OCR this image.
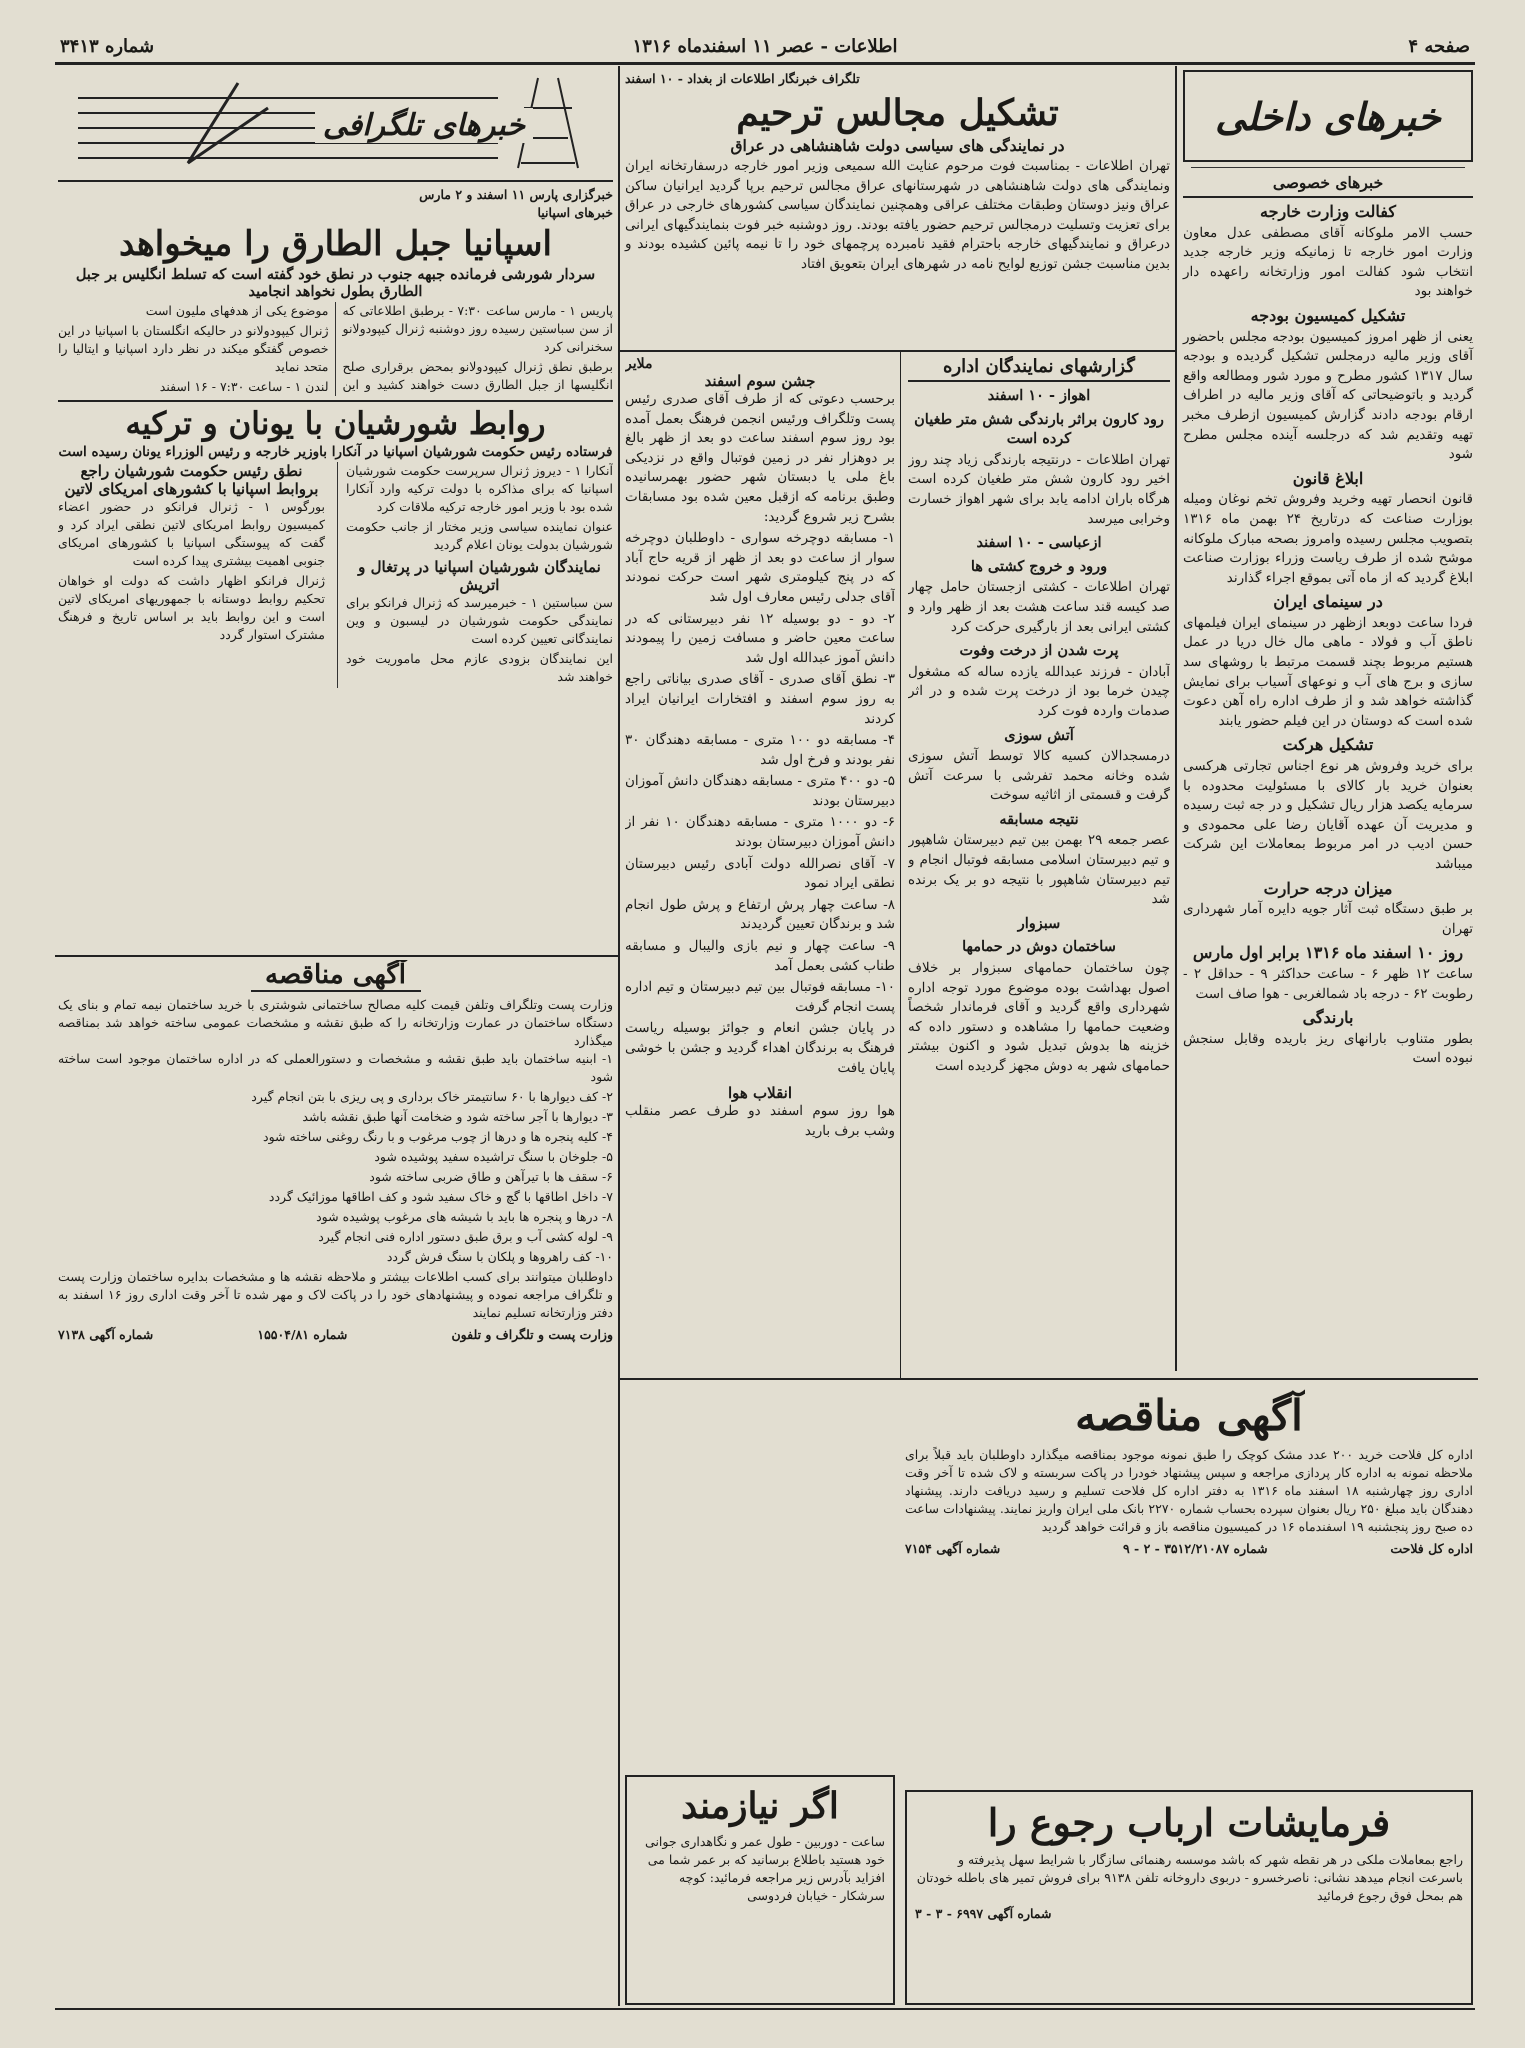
صفحه ۴
اطلاعات - عصر ۱۱ اسفندماه ۱۳۱۶
شماره ۳۴۱۳
خبرهای داخلی
خبرهای خصوصی
کفالت وزارت خارجه

حسب الامر ملوکانه آقای مصطفی عدل معاون وزارت امور خارجه تا زمانیکه وزیر خارجه جدید انتخاب شود کفالت امور وزارتخانه راعهده دار خواهند بود

تشکیل کمیسیون بودجه

یعنی از ظهر امروز کمیسیون بودجه مجلس باحضور آقای وزیر مالیه درمجلس تشکیل گردیده و بودجه سال ۱۳۱۷ کشور مطرح و مورد شور ومطالعه واقع گردید و باتوضیحاتی که آقای وزیر مالیه در اطراف ارقام بودجه دادند گزارش کمیسیون ازطرف مخبر تهیه وتقدیم شد که درجلسه آینده مجلس مطرح شود

ابلاغ قانون

قانون انحصار تهیه وخرید وفروش تخم نوغان ومیله بوزارت صناعت که درتاریخ ۲۴ بهمن ماه ۱۳۱۶ بتصویب مجلس رسیده وامروز بصحه مبارک ملوکانه موشح شده از طرف ریاست وزراء بوزارت صناعت ابلاغ گردید که از ماه آتی بموقع اجراء گذارند

در سینمای ایران

فردا ساعت دوبعد ازظهر در سینمای ایران فیلمهای ناطق آب و فولاد - ماهی مال خال دریا در عمل هستیم مربوط بچند قسمت مرتبط با روشهای سد سازی و برج های آب و نوعهای آسیاب برای نمایش گذاشته خواهد شد و از طرف اداره راه آهن دعوت شده است که دوستان در این فیلم حضور یابند

تشکیل هرکت

برای خرید وفروش هر نوع اجناس تجارتی هرکسی بعنوان خرید بار کالای با مسئولیت محدوده با سرمایه یکصد هزار ریال تشکیل و در جه ثبت رسیده و مدیریت آن عهده آقایان رضا علی محمودی و حسن ادیب در امر مربوط بمعاملات این شرکت میباشد

میزان درجه حرارت

بر طبق دستگاه ثبت آثار جویه دایره آمار شهرداری تهران

روز ۱۰ اسفند ماه ۱۳۱۶ برابر اول مارس

ساعت ۱۲ ظهر ۶ - ساعت حداکثر ۹ - حداقل ۲ - رطوبت ۶۲ - درجه باد شمالغربی - هوا صاف است

بارندگی

بطور متناوب بارانهای ریز باریده وقابل سنجش نبوده است

تلگراف خبرنگار اطلاعات از بغداد - ۱۰ اسفند
تشکیل مجالس ترحیم
در نمایندگی های سیاسی دولت شاهنشاهی در عراق

تهران اطلاعات - بمناسبت فوت مرحوم عنایت الله سمیعی وزیر امور خارجه درسفارتخانه ایران ونمایندگی های دولت شاهنشاهی در شهرستانهای عراق مجالس ترحیم برپا گردید ایرانیان ساکن عراق ونیز دوستان وطبقات مختلف عراقی وهمچنین نمایندگان سیاسی کشورهای خارجی در عراق برای تعزیت وتسلیت درمجالس ترحیم حضور یافته بودند. روز دوشنبه خبر فوت بنمایندگیهای ایرانی درعراق و نمایندگیهای خارجه باحترام فقید نامبرده پرچمهای خود را تا نیمه پائین کشیده بودند و بدین مناسبت جشن توزیع لوایح نامه در شهرهای ایران بتعویق افتاد

گزارشهای نمایندگان اداره
اهواز - ۱۰ اسفند
رود کارون براثر بارندگی شش متر طغیان کرده است

تهران اطلاعات - درنتیجه بارندگی زیاد چند روز اخیر رود کارون شش متر طغیان کرده است هرگاه باران ادامه یابد برای شهر اهواز خسارت وخرابی میرسد

ازعباسی - ۱۰ اسفند
ورود و خروج کشتی ها

تهران اطلاعات - کشتی ازجستان حامل چهار صد کیسه قند ساعت هشت بعد از ظهر وارد و کشتی ایرانی بعد از بارگیری حرکت کرد

پرت شدن از درخت وفوت

آبادان - فرزند عبدالله یازده ساله که مشغول چیدن خرما بود از درخت پرت شده و در اثر صدمات واردہ فوت کرد

آتش سوزی

درمسجدالان کسیه کالا توسط آتش سوزی شده وخانه محمد تفرشی با سرعت آتش گرفت و قسمتی از اثاثیه سوخت

نتیجه مسابقه

عصر جمعه ۲۹ بهمن بین تیم دبیرستان شاهپور و تیم دبیرستان اسلامی مسابقه فوتبال انجام و تیم دبیرستان شاهپور با نتیجه دو بر یک برنده شد

سبزوار
ساختمان دوش در حمامها

چون ساختمان حمامهای سبزوار بر خلاف اصول بهداشت بوده موضوع مورد توجه اداره شهرداری واقع گردید و آقای فرماندار شخصاً وضعیت حمامها را مشاهده و دستور داده که خزینه ها بدوش تبدیل شود و اکنون بیشتر حمامهای شهر به دوش مجهز گردیده است

ملایر
جشن سوم اسفند

برحسب دعوتی که از طرف آقای صدری رئیس پست وتلگراف ورئیس انجمن فرهنگ بعمل آمده بود روز سوم اسفند ساعت دو بعد از ظهر بالغ بر دوهزار نفر در زمین فوتبال واقع در نزدیکی باغ ملی یا دبستان شهر حضور بهمرسانیده وطبق برنامه که ازقبل معین شده بود مسابقات بشرح زیر شروع گردید:

۱- مسابقه دوچرخه سواری - داوطلبان دوچرخه سوار از ساعت دو بعد از ظهر از قریه حاج آباد که در پنج کیلومتری شهر است حرکت نمودند آقای جدلی رئیس معارف اول شد

۲- دو - دو بوسیله ۱۲ نفر دبیرستانی که در ساعت معین حاضر و مسافت زمین را پیمودند دانش آموز عبدالله اول شد

۳- نطق آقای صدری - آقای صدری بیاناتی راجع به روز سوم اسفند و افتخارات ایرانیان ایراد کردند

۴- مسابقه دو ۱۰۰ متری - مسابقه دهندگان ۳۰ نفر بودند و فرخ اول شد

۵- دو ۴۰۰ متری - مسابقه دهندگان دانش آموزان دبیرستان بودند

۶- دو ۱۰۰۰ متری - مسابقه دهندگان ۱۰ نفر از دانش آموزان دبیرستان بودند

۷- آقای نصرالله دولت آبادی رئیس دبیرستان نطقی ایراد نمود

۸- ساعت چهار پرش ارتفاع و پرش طول انجام شد و برندگان تعیین گردیدند

۹- ساعت چهار و نیم بازی والیبال و مسابقه طناب کشی بعمل آمد

۱۰- مسابقه فوتبال بین تیم دبیرستان و تیم اداره پست انجام گرفت

در پایان جشن انعام و جوائز بوسیله ریاست فرهنگ به برندگان اهداء گردید و جشن با خوشی پایان یافت

انقلاب هوا

هوا روز سوم اسفند دو طرف عصر منقلب وشب برف بارید

خبرهای تلگرافی
خبرگزاری پارس ۱۱ اسفند و ۲ مارس
خبرهای اسپانیا
اسپانیا جبل الطارق را میخواهد
سردار شورشی فرمانده جبهه جنوب در نطق خود گفته است که تسلط انگلیس بر جبل الطارق بطول نخواهد انجامید

پاریس ۱ - مارس ساعت ۷:۳۰ - برطبق اطلاعاتی که از سن سباستین رسیده روز دوشنبه ژنرال کیپودولانو سخنرانی کرد

برطبق نطق ژنرال کیپودولانو بمحض برقراری صلح انگلیسها از جبل الطارق دست خواهند کشید و این موضوع یکی از هدفهای ملیون است

ژنرال کیپودولانو در حالیکه انگلستان با اسپانیا در این خصوص گفتگو میکند در نظر دارد اسپانیا و ایتالیا را متحد نماید

لندن ۱ - ساعت ۷:۳۰ - ۱۶ اسفند

روابط شورشیان با یونان و ترکیه
فرستاده رئیس حکومت شورشیان اسپانیا در آنکارا باوزیر خارجه و رئیس الوزراء یونان رسیده است

آنکارا ۱ - دیروز ژنرال سرپرست حکومت شورشیان اسپانیا که برای مذاکره با دولت ترکیه وارد آنکارا شده بود با وزیر امور خارجه ترکیه ملاقات کرد

عنوان نماینده سیاسی وزیر مختار از جانب حکومت شورشیان بدولت یونان اعلام گردید

نمایندگان شورشیان اسپانیا در پرتغال و اتریش

سن سباستین ۱ - خبرمیرسد که ژنرال فرانکو برای نمایندگی حکومت شورشیان در لیسبون و وین نمایندگانی تعیین کرده است

این نمایندگان بزودی عازم محل ماموریت خود خواهند شد

نطق رئیس حکومت شورشیان راجع بروابط اسپانیا با کشورهای امریکای لاتین

بورگوس ۱ - ژنرال فرانکو در حضور اعضاء کمیسیون روابط امریکای لاتین نطقی ایراد کرد و گفت که پیوستگی اسپانیا با کشورهای امریکای جنوبی اهمیت بیشتری پیدا کرده است

ژنرال فرانکو اظهار داشت که دولت او خواهان تحکیم روابط دوستانه با جمهوریهای امریکای لاتین است و این روابط باید بر اساس تاریخ و فرهنگ مشترک استوار گردد

آگهی مناقصه

وزارت پست وتلگراف وتلفن قیمت کلیه مصالح ساختمانی شوشتری با خرید ساختمان نیمه تمام و بنای یک دستگاه ساختمان در عمارت وزارتخانه را که طبق نقشه و مشخصات عمومی ساخته خواهد شد بمناقصه میگذارد

۱- ابنیه ساختمان باید طبق نقشه و مشخصات و دستورالعملی که در اداره ساختمان موجود است ساخته شود

۲- کف دیوارها با ۶۰ سانتیمتر خاک برداری و پی ریزی با بتن انجام گیرد

۳- دیوارها با آجر ساخته شود و ضخامت آنها طبق نقشه باشد

۴- کلیه پنجره ها و درها از چوب مرغوب و با رنگ روغنی ساخته شود

۵- جلوخان با سنگ تراشیده سفید پوشیده شود

۶- سقف ها با تیرآهن و طاق ضربی ساخته شود

۷- داخل اطاقها با گچ و خاک سفید شود و کف اطاقها موزائیک گردد

۸- درها و پنجره ها باید با شیشه های مرغوب پوشیده شود

۹- لوله کشی آب و برق طبق دستور اداره فنی انجام گیرد

۱۰- کف راهروها و پلکان با سنگ فرش گردد

داوطلبان میتوانند برای کسب اطلاعات بیشتر و ملاحظه نقشه ها و مشخصات بدایره ساختمان وزارت پست و تلگراف مراجعه نموده و پیشنهادهای خود را در پاکت لاک و مهر شده تا آخر وقت اداری روز ۱۶ اسفند به دفتر وزارتخانه تسلیم نمایند

وزارت پست و تلگراف و تلفون
شماره ۱۵۵۰۴/۸۱
شماره آگهی ۷۱۳۸
آگهی مناقصه

اداره کل فلاحت خرید ۲۰۰ عدد مشک کوچک را طبق نمونه موجود بمناقصه میگذارد داوطلبان باید قبلاً برای ملاحظه نمونه به اداره کار پردازی مراجعه و سپس پیشنهاد خودرا در پاکت سربسته و لاک شده تا آخر وقت اداری روز چهارشنبه ۱۸ اسفند ماه ۱۳۱۶ به دفتر اداره کل فلاحت تسلیم و رسید دریافت دارند. پیشنهاد دهندگان باید مبلغ ۲۵۰ ریال بعنوان سپرده بحساب شماره ۲۲۷۰ بانک ملی ایران واریز نمایند. پیشنهادات ساعت ده صبح روز پنجشنبه ۱۹ اسفندماه ۱۶ در کمیسیون مناقصه باز و قرائت خواهد گردید

اداره کل فلاحت
شماره ۳۵۱۲/۲۱۰۸۷ - ۲ - ۹
شماره آگهی ۷۱۵۴
اگر نیازمند

ساعت - دوربین - طول عمر و نگاهداری جوانی خود هستید باطلاع برسانید که بر عمر شما می افزاید بآدرس زیر مراجعه فرمائید: کوچه سرشکار - خیابان فردوسی

فرمایشات ارباب رجوع را

راجع بمعاملات ملکی در هر نقطه شهر که باشد موسسه رهنمائی سازگار با شرایط سهل پذیرفته و باسرعت انجام میدهد نشانی: ناصرخسرو - دربوی داروخانه تلفن ۹۱۳۸ برای فروش تمیر های باطله خودتان هم بمحل فوق رجوع فرمائید

شماره آگهی ۶۹۹۷ - ۳ - ۳
